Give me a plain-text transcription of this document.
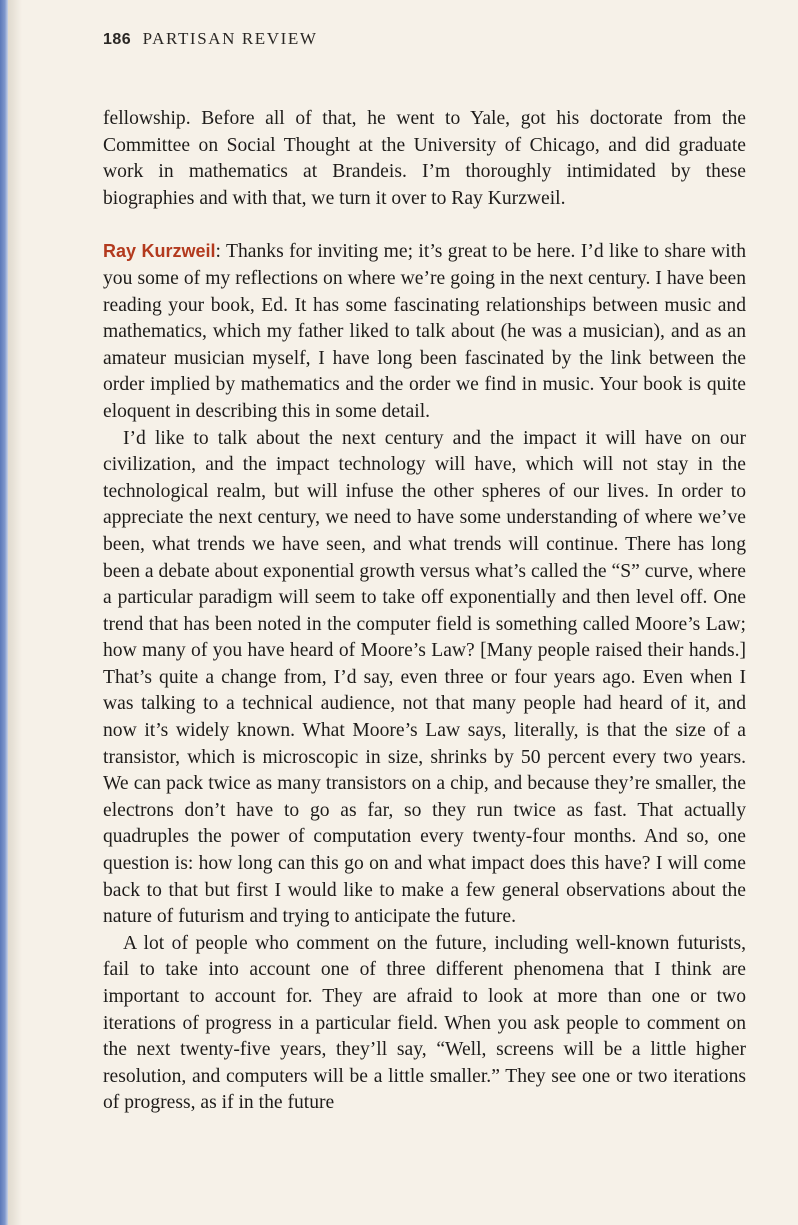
186 PARTISAN REVIEW

fellowship. Before all of that, he went to Yale, got his doctorate from the Committee on Social Thought at the University of Chicago, and did graduate work in mathematics at Brandeis. I’m thoroughly intimidated by these biographies and with that, we turn it over to Ray Kurzweil.

Ray Kurzweil: Thanks for inviting me; it’s great to be here. I’d like to share with you some of my reflections on where we’re going in the next century. I have been reading your book, Ed. It has some fascinating relationships between music and mathematics, which my father liked to talk about (he was a musician), and as an amateur musician myself, I have long been fascinated by the link between the order implied by mathematics and the order we find in music. Your book is quite eloquent in describing this in some detail.

I’d like to talk about the next century and the impact it will have on our civilization, and the impact technology will have, which will not stay in the technological realm, but will infuse the other spheres of our lives. In order to appreciate the next century, we need to have some understanding of where we’ve been, what trends we have seen, and what trends will continue. There has long been a debate about exponential growth versus what’s called the “S” curve, where a particular paradigm will seem to take off exponentially and then level off. One trend that has been noted in the computer field is something called Moore’s Law; how many of you have heard of Moore’s Law? [Many people raised their hands.] That’s quite a change from, I’d say, even three or four years ago. Even when I was talking to a technical audience, not that many people had heard of it, and now it’s widely known. What Moore’s Law says, literally, is that the size of a transistor, which is microscopic in size, shrinks by 50 percent every two years. We can pack twice as many transistors on a chip, and because they’re smaller, the electrons don’t have to go as far, so they run twice as fast. That actually quadruples the power of computation every twenty-four months. And so, one question is: how long can this go on and what impact does this have? I will come back to that but first I would like to make a few general observations about the nature of futurism and trying to anticipate the future.

A lot of people who comment on the future, including well-known futurists, fail to take into account one of three different phenomena that I think are important to account for. They are afraid to look at more than one or two iterations of progress in a particular field. When you ask people to comment on the next twenty-five years, they’ll say, “Well, screens will be a little higher resolution, and computers will be a little smaller.” They see one or two iterations of progress, as if in the future
